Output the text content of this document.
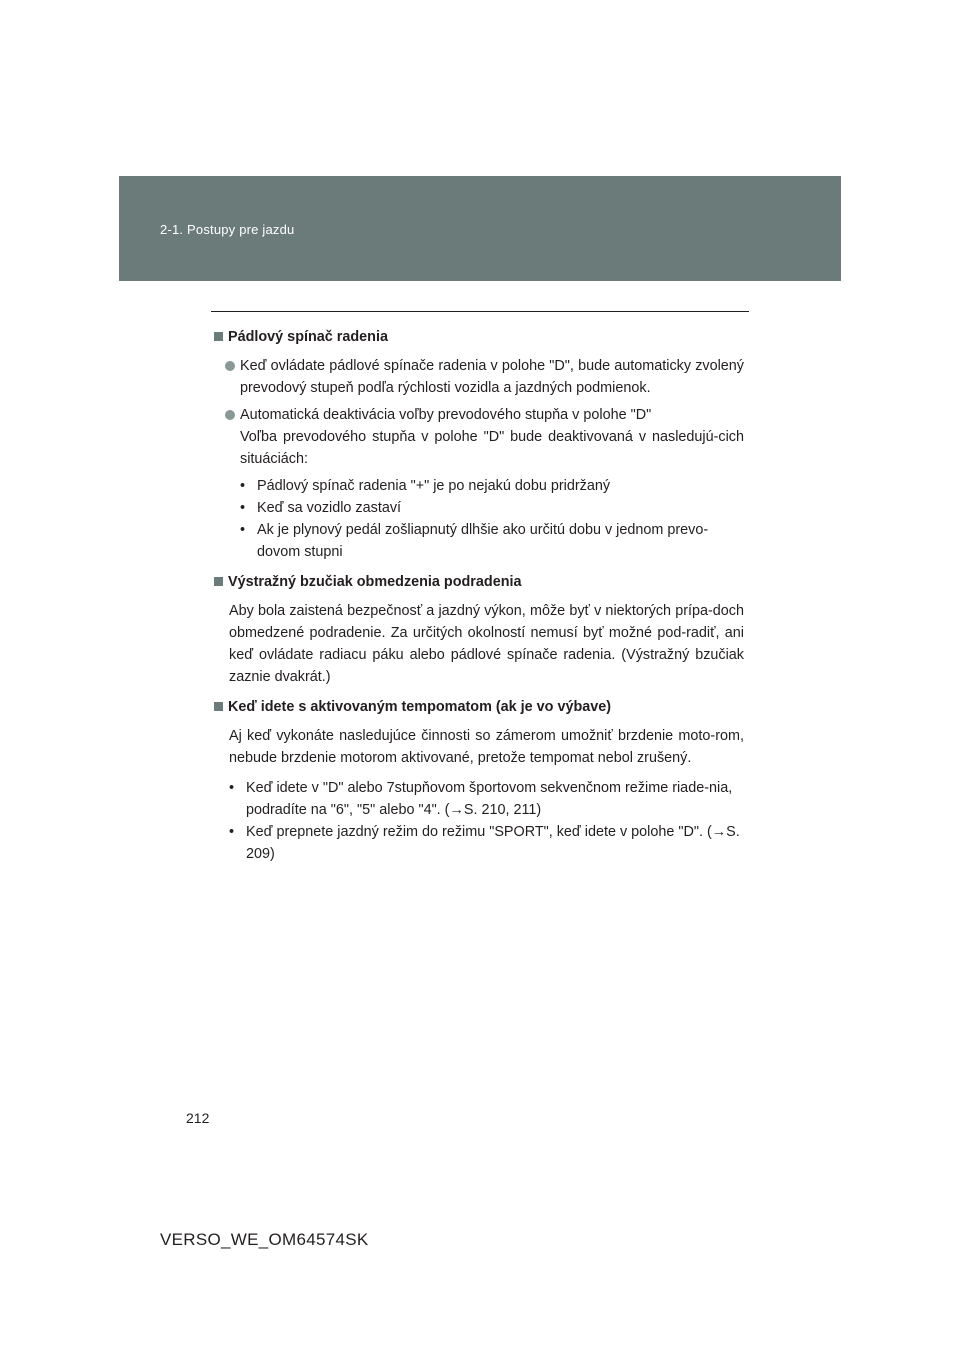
2-1. Postupy pre jazdu
Pádlový spínač radenia
Keď ovládate pádlové spínače radenia v polohe "D", bude automaticky zvolený prevodový stupeň podľa rýchlosti vozidla a jazdných podmienok.
Automatická deaktivácia voľby prevodového stupňa v polohe "D"
Voľba prevodového stupňa v polohe "D" bude deaktivovaná v nasledujú-cich situáciách:
• Pádlový spínač radenia "+" je po nejakú dobu pridržaný
• Keď sa vozidlo zastaví
• Ak je plynový pedál zošliapnutý dlhšie ako určitú dobu v jednom prevo-dovom stupni
Výstražný bzučiak obmedzenia podradenia
Aby bola zaistená bezpečnosť a jazdný výkon, môže byť v niektorých prípa-doch obmedzené podradenie. Za určitých okolností nemusí byť možné pod-radiť, ani keď ovládate radiacu páku alebo pádlové spínače radenia. (Výstražný bzučiak zaznie dvakrát.)
Keď idete s aktivovaným tempomatom (ak je vo výbave)
Aj keď vykonáte nasledujúce činnosti so zámerom umožniť brzdenie moto-rom, nebude brzdenie motorom aktivované, pretože tempomat nebol zrušený.
• Keď idete v "D" alebo 7stupňovom športovom sekvenčnom režime riade-nia, podradíte na "6", "5" alebo "4". (→S. 210, 211)
• Keď prepnete jazdný režim do režimu "SPORT", keď idete v polohe "D". (→S. 209)
212
VERSO_WE_OM64574SK
